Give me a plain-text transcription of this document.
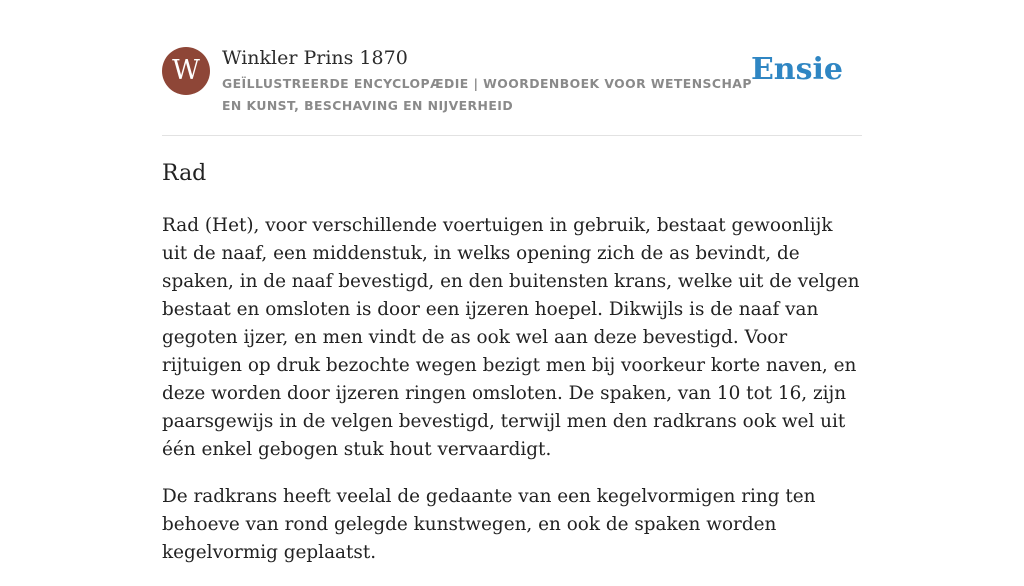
W	Winkler Prins 1870
GEÏLLUSTREERDE ENCYCLOPÆDIE | WOORDENBOEK VOOR WETENSCHAP EN KUNST, BESCHAVING EN NIJVERHEID
Ensie
Rad

Rad (Het), voor verschillende voertuigen in gebruik, bestaat gewoonlijk uit de naaf, een middenstuk, in welks opening zich de as bevindt, de spaken, in de naaf bevestigd, en den buitensten krans, welke uit de velgen bestaat en omsloten is door een ijzeren hoepel. Dikwijls is de naaf van gegoten ijzer, en men vindt de as ook wel aan deze bevestigd. Voor rijtuigen op druk bezochte wegen bezigt men bij voorkeur korte naven, en deze worden door ijzeren ringen omsloten. De spaken, van 10 tot 16, zijn paarsgewijs in de velgen bevestigd, terwijl men den radkrans ook wel uit één enkel gebogen stuk hout vervaardigt.

De radkrans heeft veelal de gedaante van een kegelvormigen ring ten behoeve van rond gelegde kunstwegen, en ook de spaken worden kegelvormig geplaatst.
